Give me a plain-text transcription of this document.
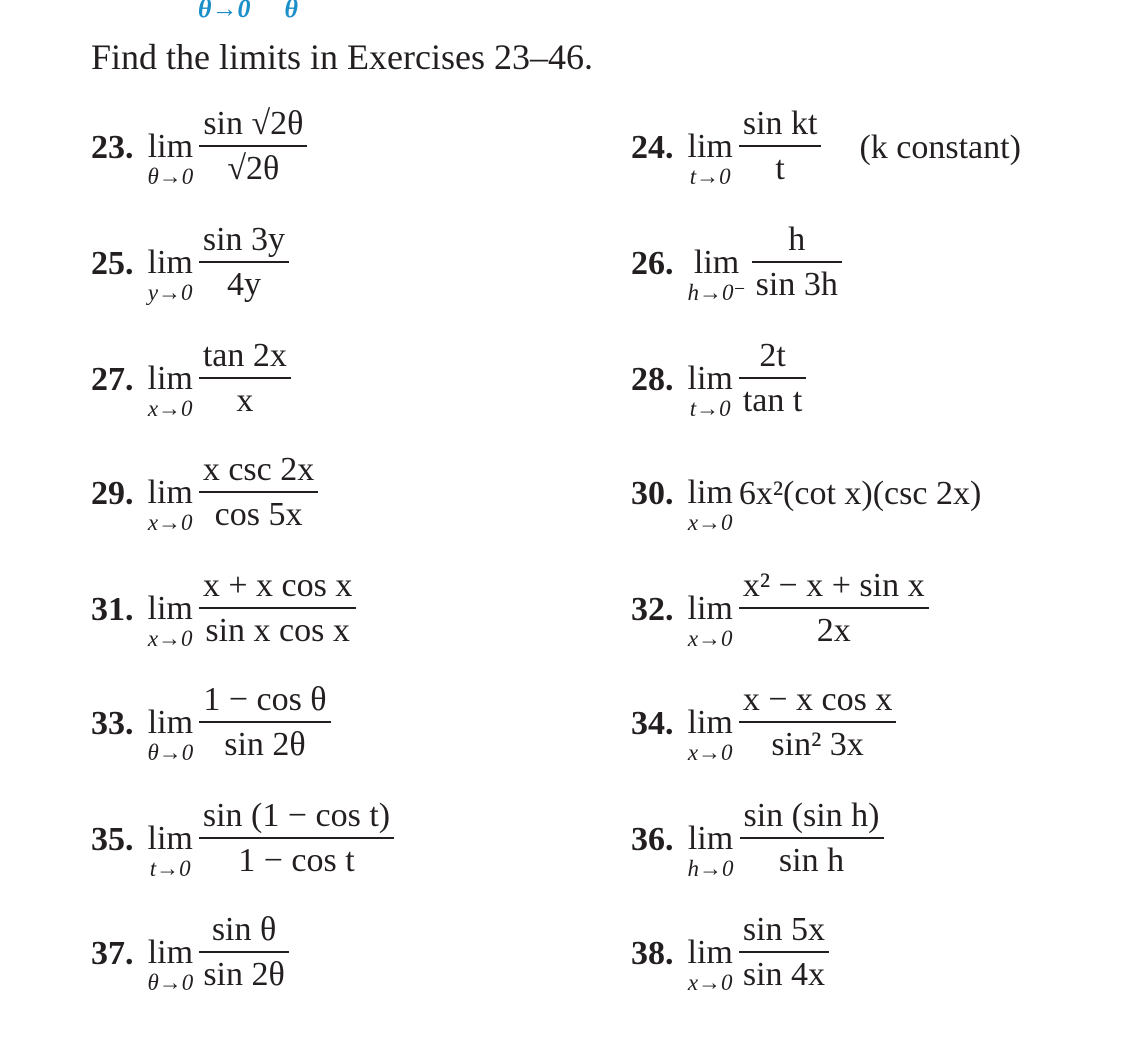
θ→0 θ
Find the limits in Exercises 23–46.
23. lim
$\theta\to 0 \frac{\sin √2\theta}{√2\theta}$	24. lim
$t\to 0 \frac{\text{sin kt}}{t} (k$ constant)
25. lim
$y\to 0 \frac{\sin 3y}{4y}$	26. lim
$h\to 0^- \frac{h}{\sin 3h}$
27. lim
$x\to 0 \frac{\tan 2x}{x}$	28. lim
$t\to 0 \frac{2t}{\text{tan t}}$
29. lim
$x\to 0 \frac{\text{x csc 2x}}{\cos 5x}$	30. lim
x→0
6x²(cot x)(csc 2x)
31. lim
$x\to 0 \frac{\text{x + x cos x}}{\text{sin x cos x}}$	32. lim
$x\to 0 \frac{\text{x² − x + sin x}}{2x}$
33. lim
$\theta\to 0 \frac{\text{1 − cos θ}}{\sin 2\theta}$	34. lim
$x\to 0 \frac{\text{x − x cos x}}{\text{sin² 3x}}$
35. lim
$t\to 0 \frac{\text{sin (1 − cos t)}}{\text{1 − cos t}}$	36. lim
$h\to 0 \frac{\text{sin (sin h)}}{\text{sin h}}$
37. lim
$\theta\to 0 \frac{\text{sin θ}}{\sin 2\theta}$	38. lim
$x\to 0 \frac{\sin 5x}{\sin 4x}$
